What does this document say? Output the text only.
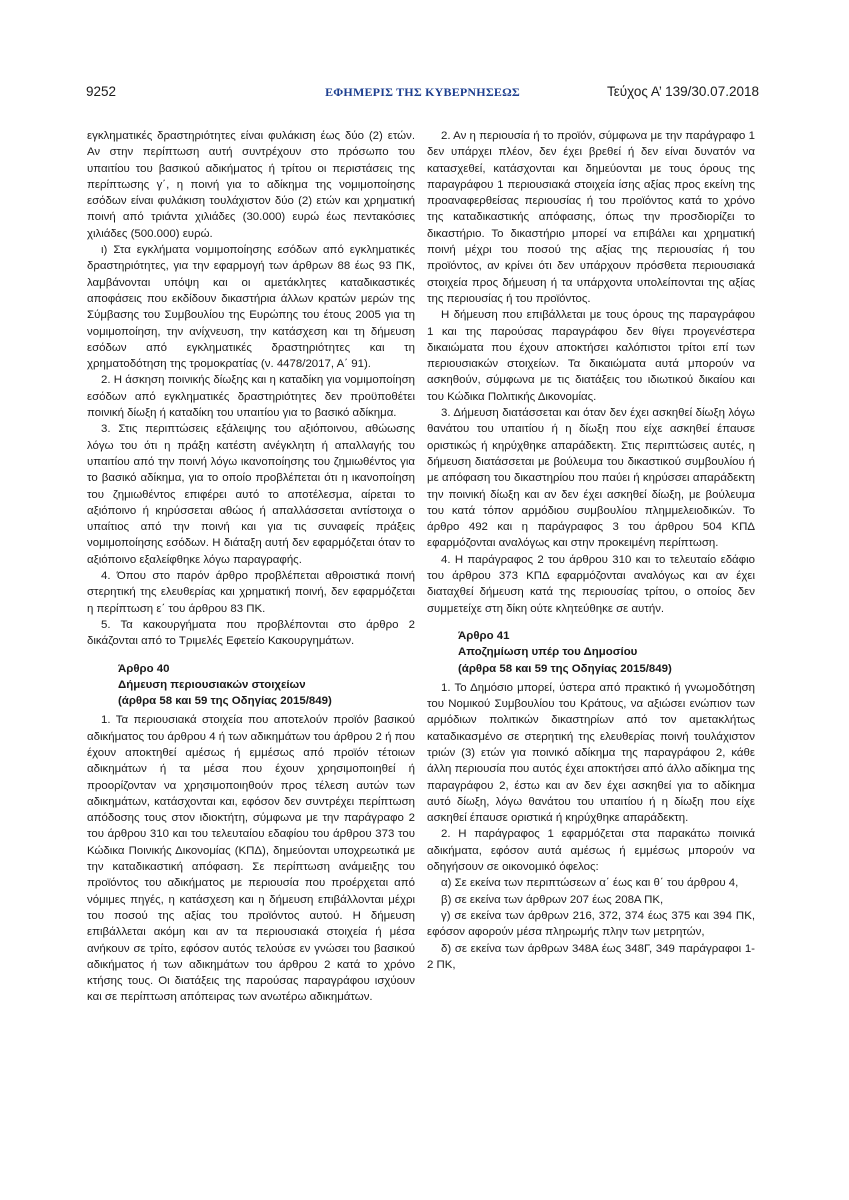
9252	ΕΦΗΜΕΡΙΣ ΤΗΣ ΚΥΒΕΡΝΗΣΕΩΣ	Τεύχος Α’ 139/30.07.2018

εγκληματικές δραστηριότητες είναι φυλάκιση έως δύο (2) ετών. Αν στην περίπτωση αυτή συντρέχουν στο πρόσωπο του υπαιτίου του βασικού αδικήματος ή τρίτου οι περιστάσεις της περίπτωσης γ΄, η ποινή για το αδίκημα της νομιμοποίησης εσόδων είναι φυλάκιση τουλάχιστον δύο (2) ετών και χρηματική ποινή από τριάντα χιλιάδες (30.000) ευρώ έως πεντακόσιες χιλιάδες (500.000) ευρώ.

ι) Στα εγκλήματα νομιμοποίησης εσόδων από εγκληματικές δραστηριότητες, για την εφαρμογή των άρθρων 88 έως 93 ΠΚ, λαμβάνονται υπόψη και οι αμετάκλητες καταδικαστικές αποφάσεις που εκδίδουν δικαστήρια άλλων κρατών μερών της Σύμβασης του Συμβουλίου της Ευρώπης του έτους 2005 για τη νομιμοποίηση, την ανίχνευση, την κατάσχεση και τη δήμευση εσόδων από εγκληματικές δραστηριότητες και τη χρηματοδότηση της τρομοκρατίας (ν. 4478/2017, Α΄ 91).

2. Η άσκηση ποινικής δίωξης και η καταδίκη για νομιμοποίηση εσόδων από εγκληματικές δραστηριότητες δεν προϋποθέτει ποινική δίωξη ή καταδίκη του υπαιτίου για το βασικό αδίκημα.

3. Στις περιπτώσεις εξάλειψης του αξιόποινου, αθώωσης λόγω του ότι η πράξη κατέστη ανέγκλητη ή απαλλαγής του υπαιτίου από την ποινή λόγω ικανοποίησης του ζημιωθέντος για το βασικό αδίκημα, για το οποίο προβλέπεται ότι η ικανοποίηση του ζημιωθέντος επιφέρει αυτό το αποτέλεσμα, αίρεται το αξιόποινο ή κηρύσσεται αθώος ή απαλλάσσεται αντίστοιχα ο υπαίτιος από την ποινή και για τις συναφείς πράξεις νομιμοποίησης εσόδων. Η διάταξη αυτή δεν εφαρμόζεται όταν το αξιόποινο εξαλείφθηκε λόγω παραγραφής.

4. Όπου στο παρόν άρθρο προβλέπεται αθροιστικά ποινή στερητική της ελευθερίας και χρηματική ποινή, δεν εφαρμόζεται η περίπτωση ε΄ του άρθρου 83 ΠΚ.

5. Τα κακουργήματα που προβλέπονται στο άρθρο 2 δικάζονται από το Τριμελές Εφετείο Κακουργημάτων.

Άρθρο 40
Δήμευση περιουσιακών στοιχείων
(άρθρα 58 και 59 της Οδηγίας 2015/849)

1. Τα περιουσιακά στοιχεία που αποτελούν προϊόν βασικού αδικήματος του άρθρου 4 ή των αδικημάτων του άρθρου 2 ή που έχουν αποκτηθεί αμέσως ή εμμέσως από προϊόν τέτοιων αδικημάτων ή τα μέσα που έχουν χρησιμοποιηθεί ή προορίζονταν να χρησιμοποιηθούν προς τέλεση αυτών των αδικημάτων, κατάσχονται και, εφόσον δεν συντρέχει περίπτωση απόδοσης τους στον ιδιοκτήτη, σύμφωνα με την παράγραφο 2 του άρθρου 310 και του τελευταίου εδαφίου του άρθρου 373 του Κώδικα Ποινικής Δικονομίας (ΚΠΔ), δημεύονται υποχρεωτικά με την καταδικαστική απόφαση. Σε περίπτωση ανάμειξης του προϊόντος του αδικήματος με περιουσία που προέρχεται από νόμιμες πηγές, η κατάσχεση και η δήμευση επιβάλλονται μέχρι του ποσού της αξίας του προϊόντος αυτού. Η δήμευση επιβάλλεται ακόμη και αν τα περιουσιακά στοιχεία ή μέσα ανήκουν σε τρίτο, εφόσον αυτός τελούσε εν γνώσει του βασικού αδικήματος ή των αδικημάτων του άρθρου 2 κατά το χρόνο κτήσης τους. Οι διατάξεις της παρούσας παραγράφου ισχύουν και σε περίπτωση απόπειρας των ανωτέρω αδικημάτων.

2. Αν η περιουσία ή το προϊόν, σύμφωνα με την παράγραφο 1 δεν υπάρχει πλέον, δεν έχει βρεθεί ή δεν είναι δυνατόν να κατασχεθεί, κατάσχονται και δημεύονται με τους όρους της παραγράφου 1 περιουσιακά στοιχεία ίσης αξίας προς εκείνη της προαναφερθείσας περιουσίας ή του προϊόντος κατά το χρόνο της καταδικαστικής απόφασης, όπως την προσδιορίζει το δικαστήριο. Το δικαστήριο μπορεί να επιβάλει και χρηματική ποινή μέχρι του ποσού της αξίας της περιουσίας ή του προϊόντος, αν κρίνει ότι δεν υπάρχουν πρόσθετα περιουσιακά στοιχεία προς δήμευση ή τα υπάρχοντα υπολείπονται της αξίας της περιουσίας ή του προϊόντος.

Η δήμευση που επιβάλλεται με τους όρους της παραγράφου 1 και της παρούσας παραγράφου δεν θίγει προγενέστερα δικαιώματα που έχουν αποκτήσει καλόπιστοι τρίτοι επί των περιουσιακών στοιχείων. Τα δικαιώματα αυτά μπορούν να ασκηθούν, σύμφωνα με τις διατάξεις του ιδιωτικού δικαίου και του Κώδικα Πολιτικής Δικονομίας.

3. Δήμευση διατάσσεται και όταν δεν έχει ασκηθεί δίωξη λόγω θανάτου του υπαιτίου ή η δίωξη που είχε ασκηθεί έπαυσε οριστικώς ή κηρύχθηκε απαράδεκτη. Στις περιπτώσεις αυτές, η δήμευση διατάσσεται με βούλευμα του δικαστικού συμβουλίου ή με απόφαση του δικαστηρίου που παύει ή κηρύσσει απαράδεκτη την ποινική δίωξη και αν δεν έχει ασκηθεί δίωξη, με βούλευμα του κατά τόπον αρμόδιου συμβουλίου πλημμελειοδικών. Το άρθρο 492 και η παράγραφος 3 του άρθρου 504 ΚΠΔ εφαρμόζονται αναλόγως και στην προκειμένη περίπτωση.

4. Η παράγραφος 2 του άρθρου 310 και το τελευταίο εδάφιο του άρθρου 373 ΚΠΔ εφαρμόζονται αναλόγως και αν έχει διαταχθεί δήμευση κατά της περιουσίας τρίτου, ο οποίος δεν συμμετείχε στη δίκη ούτε κλητεύθηκε σε αυτήν.

Άρθρο 41
Αποζημίωση υπέρ του Δημοσίου
(άρθρα 58 και 59 της Οδηγίας 2015/849)

1. Το Δημόσιο μπορεί, ύστερα από πρακτικό ή γνωμοδότηση του Νομικού Συμβουλίου του Κράτους, να αξιώσει ενώπιον των αρμόδιων πολιτικών δικαστηρίων από τον αμετακλήτως καταδικασμένο σε στερητική της ελευθερίας ποινή τουλάχιστον τριών (3) ετών για ποινικό αδίκημα της παραγράφου 2, κάθε άλλη περιουσία που αυτός έχει αποκτήσει από άλλο αδίκημα της παραγράφου 2, έστω και αν δεν έχει ασκηθεί για το αδίκημα αυτό δίωξη, λόγω θανάτου του υπαιτίου ή η δίωξη που είχε ασκηθεί έπαυσε οριστικά ή κηρύχθηκε απαράδεκτη.

2. Η παράγραφος 1 εφαρμόζεται στα παρακάτω ποινικά αδικήματα, εφόσον αυτά αμέσως ή εμμέσως μπορούν να οδηγήσουν σε οικονομικό όφελος:

α) Σε εκείνα των περιπτώσεων α΄ έως και θ΄ του άρθρου 4,

β) σε εκείνα των άρθρων 207 έως 208Α ΠΚ,

γ) σε εκείνα των άρθρων 216, 372, 374 έως 375 και 394 ΠΚ, εφόσον αφορούν μέσα πληρωμής πλην των μετρητών,

δ) σε εκείνα των άρθρων 348Α έως 348Γ, 349 παράγραφοι 1-2 ΠΚ,
